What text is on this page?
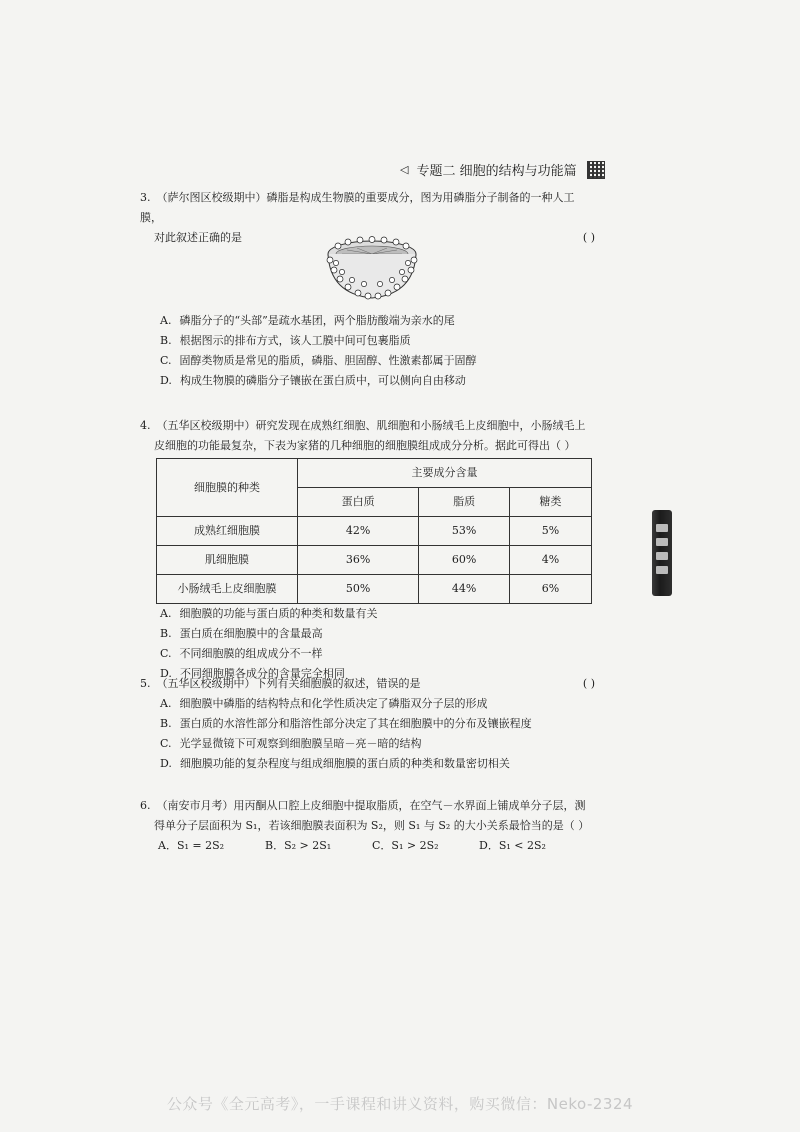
◁ 专题二 细胞的结构与功能篇

3. （萨尔图区校级期中）磷脂是构成生物膜的重要成分，图为用磷脂分子制备的一种人工膜，

对此叙述正确的是	( )

A. 磷脂分子的“头部”是疏水基团，两个脂肪酸端为亲水的尾

B. 根据图示的排布方式，该人工膜中间可包裹脂质

C. 固醇类物质是常见的脂质，磷脂、胆固醇、性激素都属于固醇

D. 构成生物膜的磷脂分子镶嵌在蛋白质中，可以侧向自由移动

4. （五华区校级期中）研究发现在成熟红细胞、肌细胞和小肠绒毛上皮细胞中，小肠绒毛上

皮细胞的功能最复杂，下表为家猪的几种细胞的细胞膜组成成分分析。据此可得出（ ）

细胞膜的种类	主要成分含量		
	蛋白质	脂质	糖类
成熟红细胞膜	42%	53%	5%
肌细胞膜	36%	60%	4%
小肠绒毛上皮细胞膜	50%	44%	6%

A. 细胞膜的功能与蛋白质的种类和数量有关

B. 蛋白质在细胞膜中的含量最高

C. 不同细胞膜的组成成分不一样

D. 不同细胞膜各成分的含量完全相同

5. （五华区校级期中）下列有关细胞膜的叙述，错误的是	( )

A. 细胞膜中磷脂的结构特点和化学性质决定了磷脂双分子层的形成

B. 蛋白质的水溶性部分和脂溶性部分决定了其在细胞膜中的分布及镶嵌程度

C. 光学显微镜下可观察到细胞膜呈暗－亮－暗的结构

D. 细胞膜功能的复杂程度与组成细胞膜的蛋白质的种类和数量密切相关

6. （南安市月考）用丙酮从口腔上皮细胞中提取脂质，在空气－水界面上铺成单分子层，测

得单分子层面积为 S₁，若该细胞膜表面积为 S₂，则 S₁ 与 S₂ 的大小关系最恰当的是（ ）

A．S₁ = 2S₂	B．S₂ > 2S₁	C．S₁ > 2S₂	D．S₁ < 2S₂
公众号《全元高考》，一手课程和讲义资料，购买微信：Neko-2324
